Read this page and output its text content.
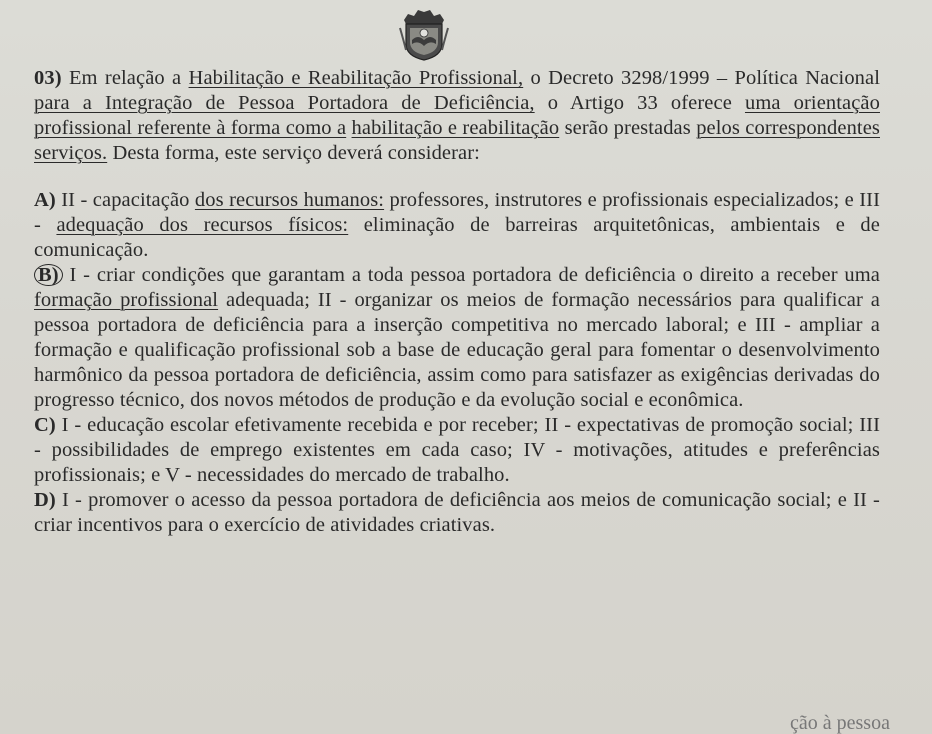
03) Em relação a Habilitação e Reabilitação Profissional, o Decreto 3298/1999 – Política Nacional para a Integração de Pessoa Portadora de Deficiência, o Artigo 33 oferece uma orientação profissional referente à forma como a habilitação e reabilitação serão prestadas pelos correspondentes serviços. Desta forma, este serviço deverá considerar:

A) II - capacitação dos recursos humanos: professores, instrutores e profissionais especializados; e III - adequação dos recursos físicos: eliminação de barreiras arquitetônicas, ambientais e de comunicação.

B) I - criar condições que garantam a toda pessoa portadora de deficiência o direito a receber uma formação profissional adequada; II - organizar os meios de formação necessários para qualificar a pessoa portadora de deficiência para a inserção competitiva no mercado laboral; e III - ampliar a formação e qualificação profissional sob a base de educação geral para fomentar o desenvolvimento harmônico da pessoa portadora de deficiência, assim como para satisfazer as exigências derivadas do progresso técnico, dos novos métodos de produção e da evolução social e econômica.

C) I - educação escolar efetivamente recebida e por receber; II - expectativas de promoção social; III - possibilidades de emprego existentes em cada caso; IV - motivações, atitudes e preferências profissionais; e V - necessidades do mercado de trabalho.

D) I - promover o acesso da pessoa portadora de deficiência aos meios de comunicação social; e II - criar incentivos para o exercício de atividades criativas.

ção à pessoa
